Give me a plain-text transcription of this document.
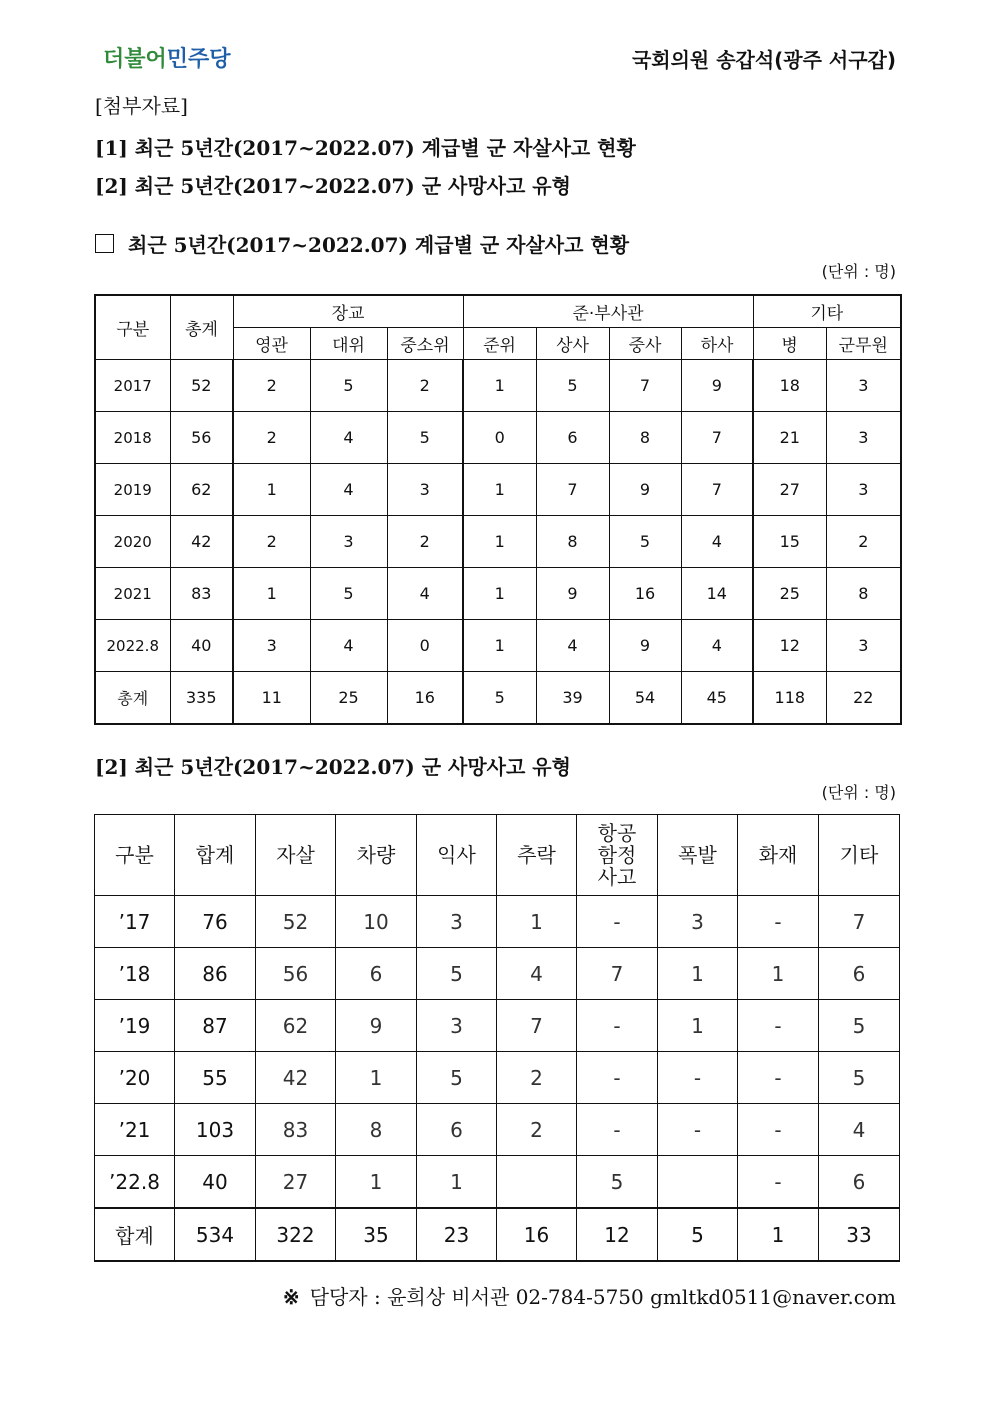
더불어민주당	국회의원 송갑석(광주 서구갑)
[첨부자료]
[1] 최근 5년간(2017~2022.07) 계급별 군 자살사고 현황
[2] 최근 5년간(2017~2022.07) 군 사망사고 유형
최근 5년간(2017~2022.07) 계급별 군 자살사고 현황
(단위 : 명)
구분	총계	장교			준·부사관				기타	
		영관	대위	중소위	준위	상사	중사	하사	병	군무원
2017	52	2	5	2	1	5	7	9	18	3
2018	56	2	4	5	0	6	8	7	21	3
2019	62	1	4	3	1	7	9	7	27	3
2020	42	2	3	2	1	8	5	4	15	2
2021	83	1	5	4	1	9	16	14	25	8
2022.8	40	3	4	0	1	4	9	4	12	3
총계	335	11	25	16	5	39	54	45	118	22
[2] 최근 5년간(2017~2022.07) 군 사망사고 유형
(단위 : 명)
구분	합계	자살	차량	익사	추락	항공
함정
사고	폭발	화재	기타
’17	76	52	10	3	1	-	3	-	7
’18	86	56	6	5	4	7	1	1	6
’19	87	62	9	3	7	-	1	-	5
’20	55	42	1	5	2	-	-	-	5
’21	103	83	8	6	2	-	-	-	4
’22.8	40	27	1	1		5		-	6
합계	534	322	35	23	16	12	5	1	33
※ 담당자 : 윤희상 비서관 02-784-5750 gmltkd0511@naver.com
